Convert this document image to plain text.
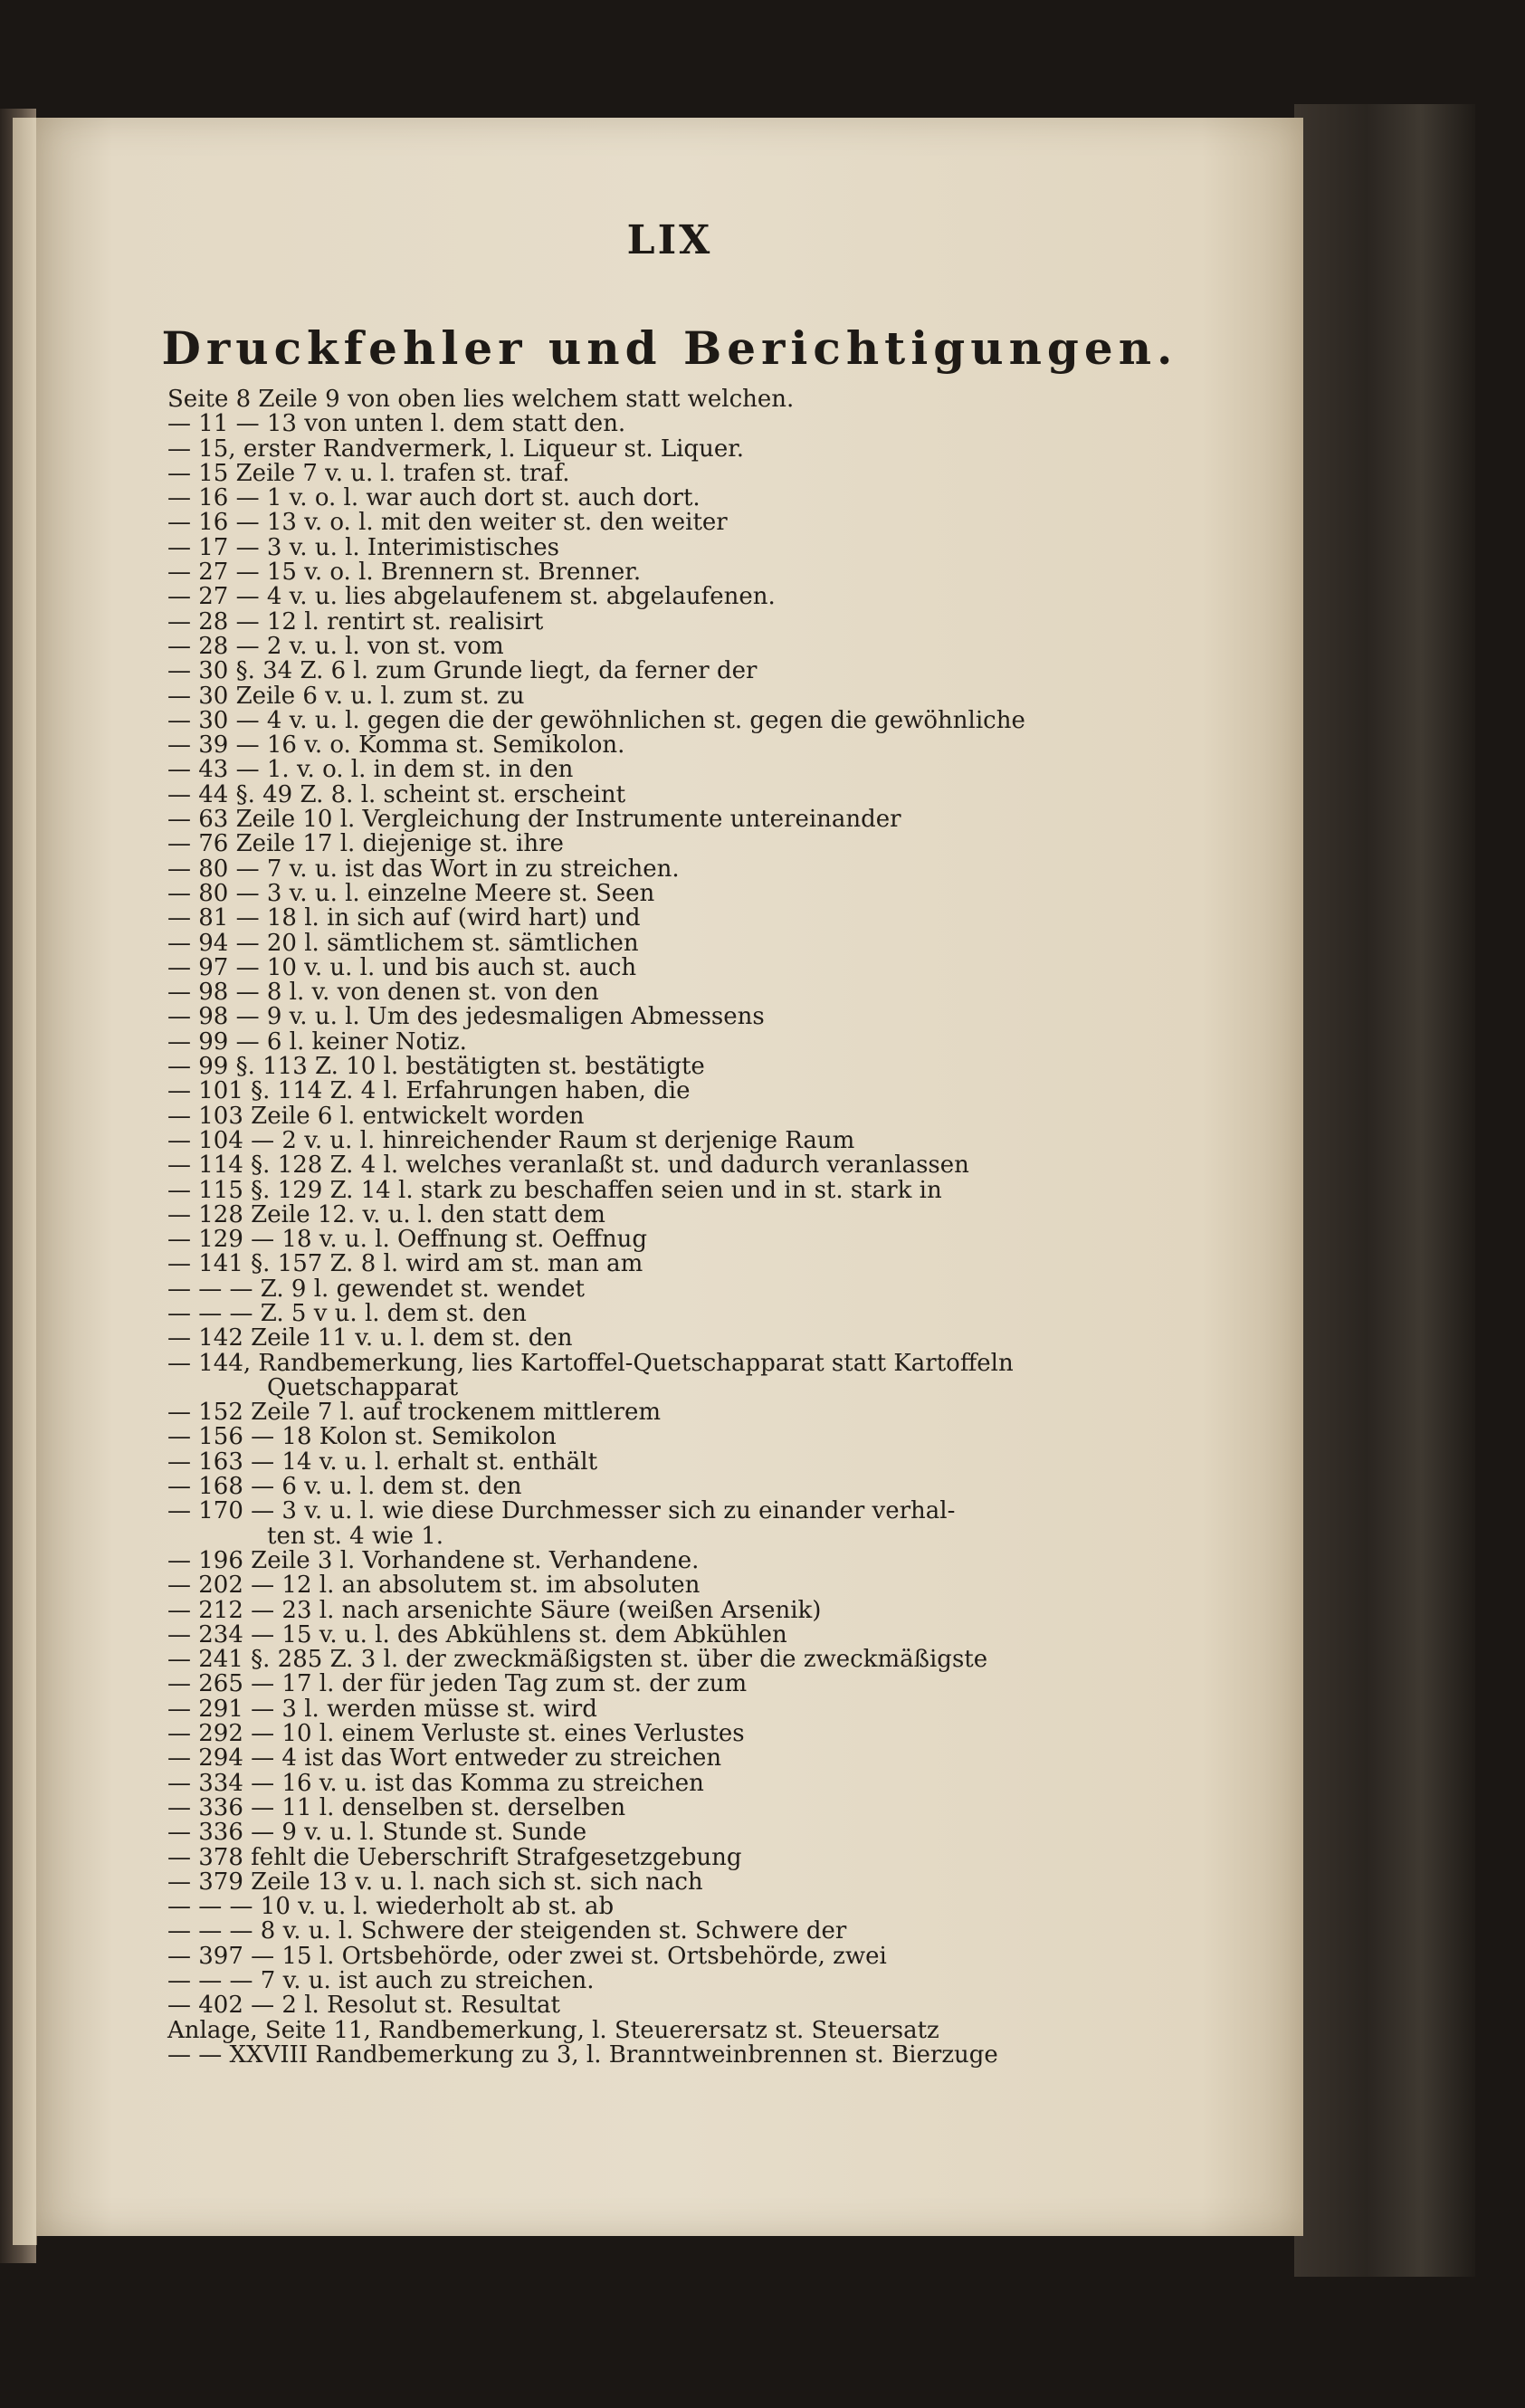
LIX
Druckfehler und Berichtigungen.
Seite 8 Zeile 9 von oben lies welchem statt welchen.
— 11 — 13 von unten l. dem statt den.
— 15, erster Randvermerk, l. Liqueur st. Liquer.
— 15 Zeile 7 v. u. l. trafen st. traf.
— 16 — 1 v. o. l. war auch dort st. auch dort.
— 16 — 13 v. o. l. mit den weiter st. den weiter
— 17 — 3 v. u. l. Interimistisches
— 27 — 15 v. o. l. Brennern st. Brenner.
— 27 — 4 v. u. lies abgelaufenem st. abgelaufenen.
— 28 — 12 l. rentirt st. realisirt
— 28 — 2 v. u. l. von st. vom
— 30 §. 34 Z. 6 l. zum Grunde liegt, da ferner der
— 30 Zeile 6 v. u. l. zum st. zu
— 30 — 4 v. u. l. gegen die der gewöhnlichen st. gegen die gewöhnliche
— 39 — 16 v. o. Komma st. Semikolon.
— 43 — 1. v. o. l. in dem st. in den
— 44 §. 49 Z. 8. l. scheint st. erscheint
— 63 Zeile 10 l. Vergleichung der Instrumente untereinander
— 76 Zeile 17 l. diejenige st. ihre
— 80 — 7 v. u. ist das Wort in zu streichen.
— 80 — 3 v. u. l. einzelne Meere st. Seen
— 81 — 18 l. in sich auf (wird hart) und
— 94 — 20 l. sämtlichem st. sämtlichen
— 97 — 10 v. u. l. und bis auch st. auch
— 98 — 8 l. v. von denen st. von den
— 98 — 9 v. u. l. Um des jedesmaligen Abmessens
— 99 — 6 l. keiner Notiz.
— 99 §. 113 Z. 10 l. bestätigten st. bestätigte
— 101 §. 114 Z. 4 l. Erfahrungen haben, die
— 103 Zeile 6 l. entwickelt worden
— 104 — 2 v. u. l. hinreichender Raum st derjenige Raum
— 114 §. 128 Z. 4 l. welches veranlaßt st. und dadurch veranlassen
— 115 §. 129 Z. 14 l. stark zu beschaffen seien und in st. stark in
— 128 Zeile 12. v. u. l. den statt dem
— 129 — 18 v. u. l. Oeffnung st. Oeffnug
— 141 §. 157 Z. 8 l. wird am st. man am
— — — Z. 9 l. gewendet st. wendet
— — — Z. 5 v u. l. dem st. den
— 142 Zeile 11 v. u. l. dem st. den
— 144, Randbemerkung, lies Kartoffel-Quetschapparat statt Kartoffeln
Quetschapparat
— 152 Zeile 7 l. auf trockenem mittlerem
— 156 — 18 Kolon st. Semikolon
— 163 — 14 v. u. l. erhalt st. enthält
— 168 — 6 v. u. l. dem st. den
— 170 — 3 v. u. l. wie diese Durchmesser sich zu einander verhal-
ten st. 4 wie 1.
— 196 Zeile 3 l. Vorhandene st. Verhandene.
— 202 — 12 l. an absolutem st. im absoluten
— 212 — 23 l. nach arsenichte Säure (weißen Arsenik)
— 234 — 15 v. u. l. des Abkühlens st. dem Abkühlen
— 241 §. 285 Z. 3 l. der zweckmäßigsten st. über die zweckmäßigste
— 265 — 17 l. der für jeden Tag zum st. der zum
— 291 — 3 l. werden müsse st. wird
— 292 — 10 l. einem Verluste st. eines Verlustes
— 294 — 4 ist das Wort entweder zu streichen
— 334 — 16 v. u. ist das Komma zu streichen
— 336 — 11 l. denselben st. derselben
— 336 — 9 v. u. l. Stunde st. Sunde
— 378 fehlt die Ueberschrift Strafgesetzgebung
— 379 Zeile 13 v. u. l. nach sich st. sich nach
— — — 10 v. u. l. wiederholt ab st. ab
— — — 8 v. u. l. Schwere der steigenden st. Schwere der
— 397 — 15 l. Ortsbehörde, oder zwei st. Ortsbehörde, zwei
— — — 7 v. u. ist auch zu streichen.
— 402 — 2 l. Resolut st. Resultat
Anlage, Seite 11, Randbemerkung, l. Steuerersatz st. Steuersatz
— — XXVIII Randbemerkung zu 3, l. Branntweinbrennen st. Bierzuge
